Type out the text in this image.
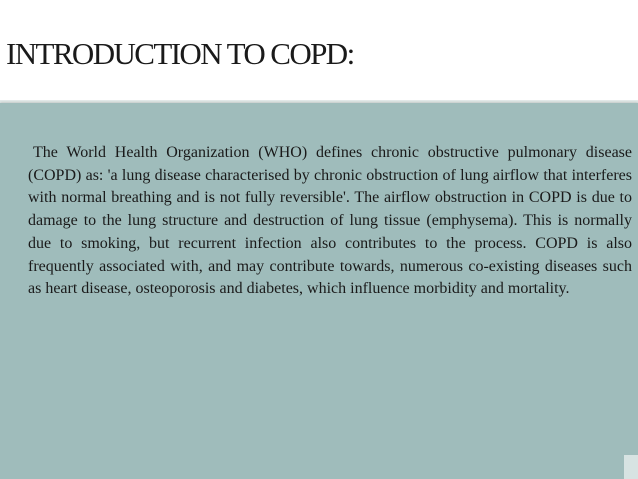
INTRODUCTION TO COPD:

The World Health Organization (WHO) defines chronic obstructive pulmonary disease (COPD) as: 'a lung disease characterised by chronic obstruction of lung airflow that interferes with normal breathing and is not fully reversible'. The airflow obstruction in COPD is due to damage to the lung structure and destruction of lung tissue (emphysema). This is normally due to smoking, but recurrent infection also contributes to the process. COPD is also frequently associated with, and may contribute towards, numerous co-existing diseases such as heart disease, osteoporosis and diabetes, which influence morbidity and mortality.
